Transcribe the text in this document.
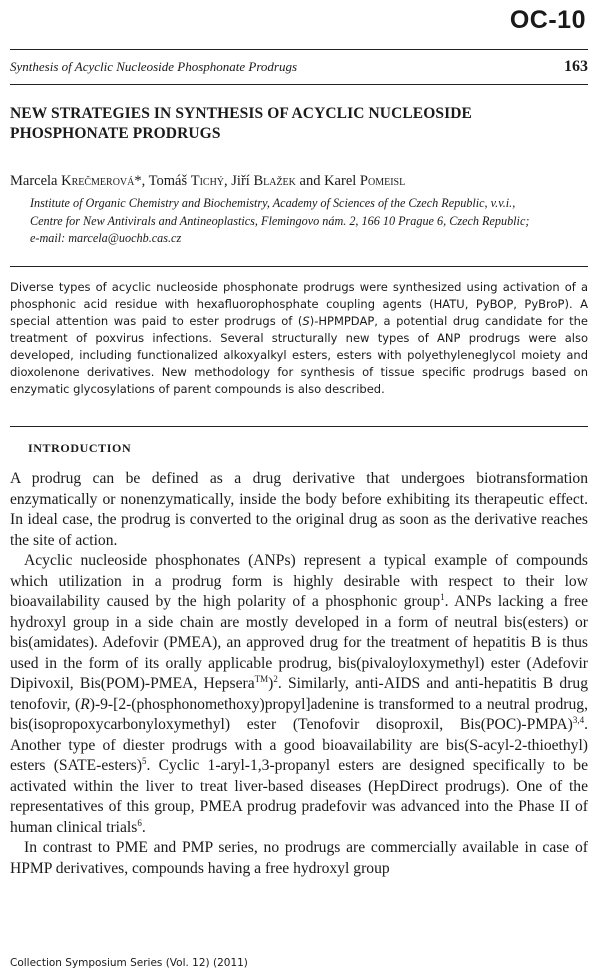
OC-10
Synthesis of Acyclic Nucleoside Phosphonate Prodrugs	163
NEW STRATEGIES IN SYNTHESIS OF ACYCLIC NUCLEOSIDE
PHOSPHONATE PRODRUGS
Marcela Krečmerová*, Tomáš Tichý, Jiří Blažek and Karel Pomeisl
Institute of Organic Chemistry and Biochemistry, Academy of Sciences of the Czech Republic, v.v.i.,
Centre for New Antivirals and Antineoplastics, Flemingovo nám. 2, 166 10 Prague 6, Czech Republic;
e-mail: marcela@uochb.cas.cz
Diverse types of acyclic nucleoside phosphonate prodrugs were synthesized using activation of a phosphonic acid residue with hexafluorophosphate coupling agents (HATU, PyBOP, PyBroP). A special attention was paid to ester prodrugs of (S)-HPMPDAP, a potential drug candidate for the treatment of poxvirus infections. Several structurally new types of ANP prodrugs were also developed, including functionalized alkoxyalkyl esters, esters with polyethyleneglycol moiety and dioxolenone derivatives. New methodology for synthesis of tissue specific prodrugs based on enzymatic glycosylations of parent compounds is also described.
INTRODUCTION

A prodrug can be defined as a drug derivative that undergoes biotransformation enzymatically or nonenzymatically, inside the body before exhibiting its therapeutic effect. In ideal case, the prodrug is converted to the original drug as soon as the derivative reaches the site of action.

Acyclic nucleoside phosphonates (ANPs) represent a typical example of compounds which utilization in a prodrug form is highly desirable with respect to their low bioavailability caused by the high polarity of a phosphonic group$^1$. ANPs lacking a free hydroxyl group in a side chain are mostly developed in a form of neutral bis(esters) or bis(amidates). Adefovir (PMEA), an approved drug for the treatment of hepatitis B is thus used in the form of its orally applicable prodrug, bis(pivaloyloxymethyl) ester (Adefovir Dipivoxil, Bis(POM)-PMEA, Hepsera™)$^2$. Similarly, anti-AIDS and anti-hepatitis B drug tenofovir, (R)-9-[2-(phosphonomethoxy)propyl]adenine is transformed to a neutral prodrug, bis(isopropoxycarbonyloxymethyl) ester (Tenofovir disoproxil, Bis(POC)-PMPA)$^{3,4}$. Another type of diester prodrugs with a good bioavailability are bis(S-acyl-2-thioethyl) esters (SATE-esters)$^5$. Cyclic 1-aryl-1,3-propanyl esters are designed specifically to be activated within the liver to treat liver-based diseases (HepDirect prodrugs). One of the representatives of this group, PMEA prodrug pradefovir was advanced into the Phase II of human clinical trials$^6$.

In contrast to PME and PMP series, no prodrugs are commercially available in case of HPMP derivatives, compounds having a free hydroxyl group

Collection Symposium Series (Vol. 12) (2011)
